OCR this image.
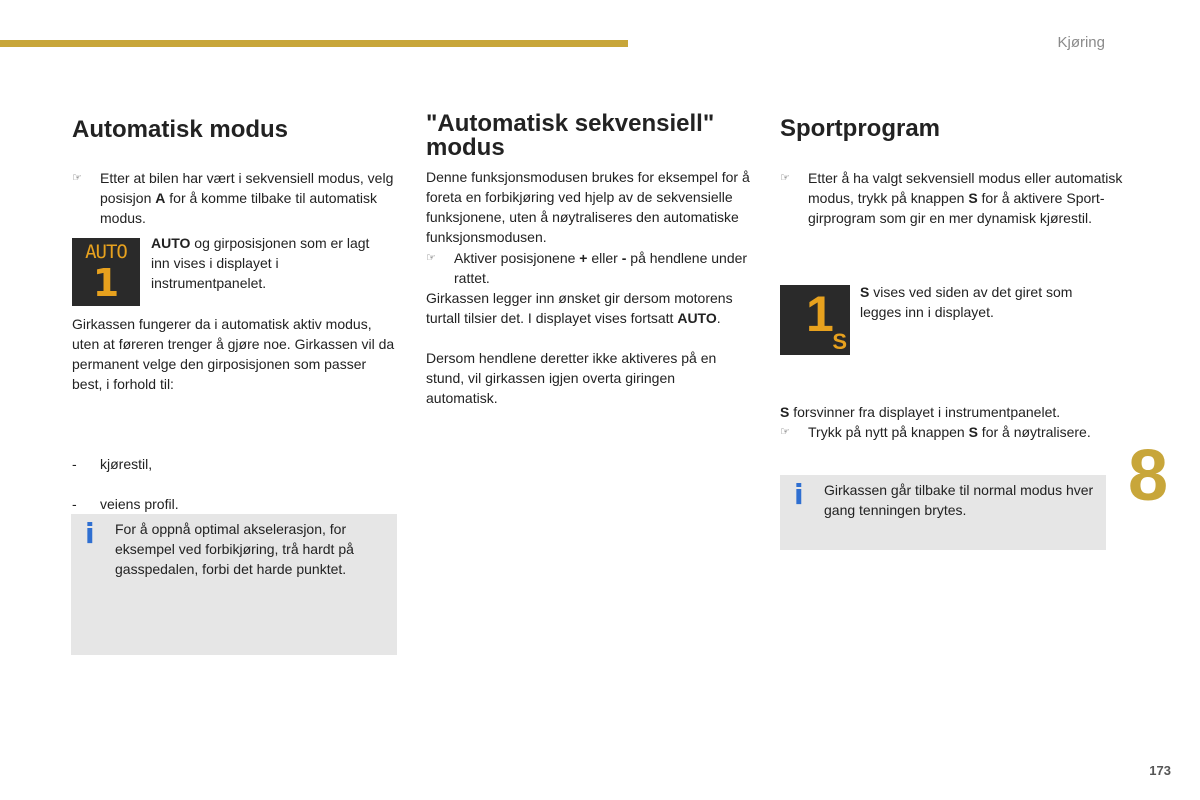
Kjøring
8
173
Automatisk modus
☞ Etter at bilen har vært i sekvensiell modus, velg posisjon A for å komme tilbake til automatisk modus.
AUTO
1

AUTO og girposisjonen som er lagt inn vises i displayet i instrumentpanelet.

Girkassen fungerer da i automatisk aktiv modus, uten at føreren trenger å gjøre noe. Girkassen vil da permanent velge den girposisjonen som passer best, i forhold til:

- kjørestil,
- veiens profil.
i For å oppnå optimal akselerasjon, for eksempel ved forbikjøring, trå hardt på gasspedalen, forbi det harde punktet.
"Automatisk sekvensiell" modus

Denne funksjonsmodusen brukes for eksempel for å foreta en forbikjøring ved hjelp av de sekvensielle funksjonene, uten å nøytraliseres den automatiske funksjonsmodusen.

☞ Aktiver posisjonene + eller - på hendlene under rattet.

Girkassen legger inn ønsket gir dersom motorens turtall tilsier det. I displayet vises fortsatt AUTO.

Dersom hendlene deretter ikke aktiveres på en stund, vil girkassen igjen overta giringen automatisk.

Sportprogram
☞ Etter å ha valgt sekvensiell modus eller automatisk modus, trykk på knappen S for å aktivere Sport-girprogram som gir en mer dynamisk kjørestil.
1
S

S vises ved siden av det giret som legges inn i displayet.

☞ Trykk på nytt på knappen S for å nøytralisere.

S forsvinner fra displayet i instrumentpanelet.

i Girkassen går tilbake til normal modus hver gang tenningen brytes.
